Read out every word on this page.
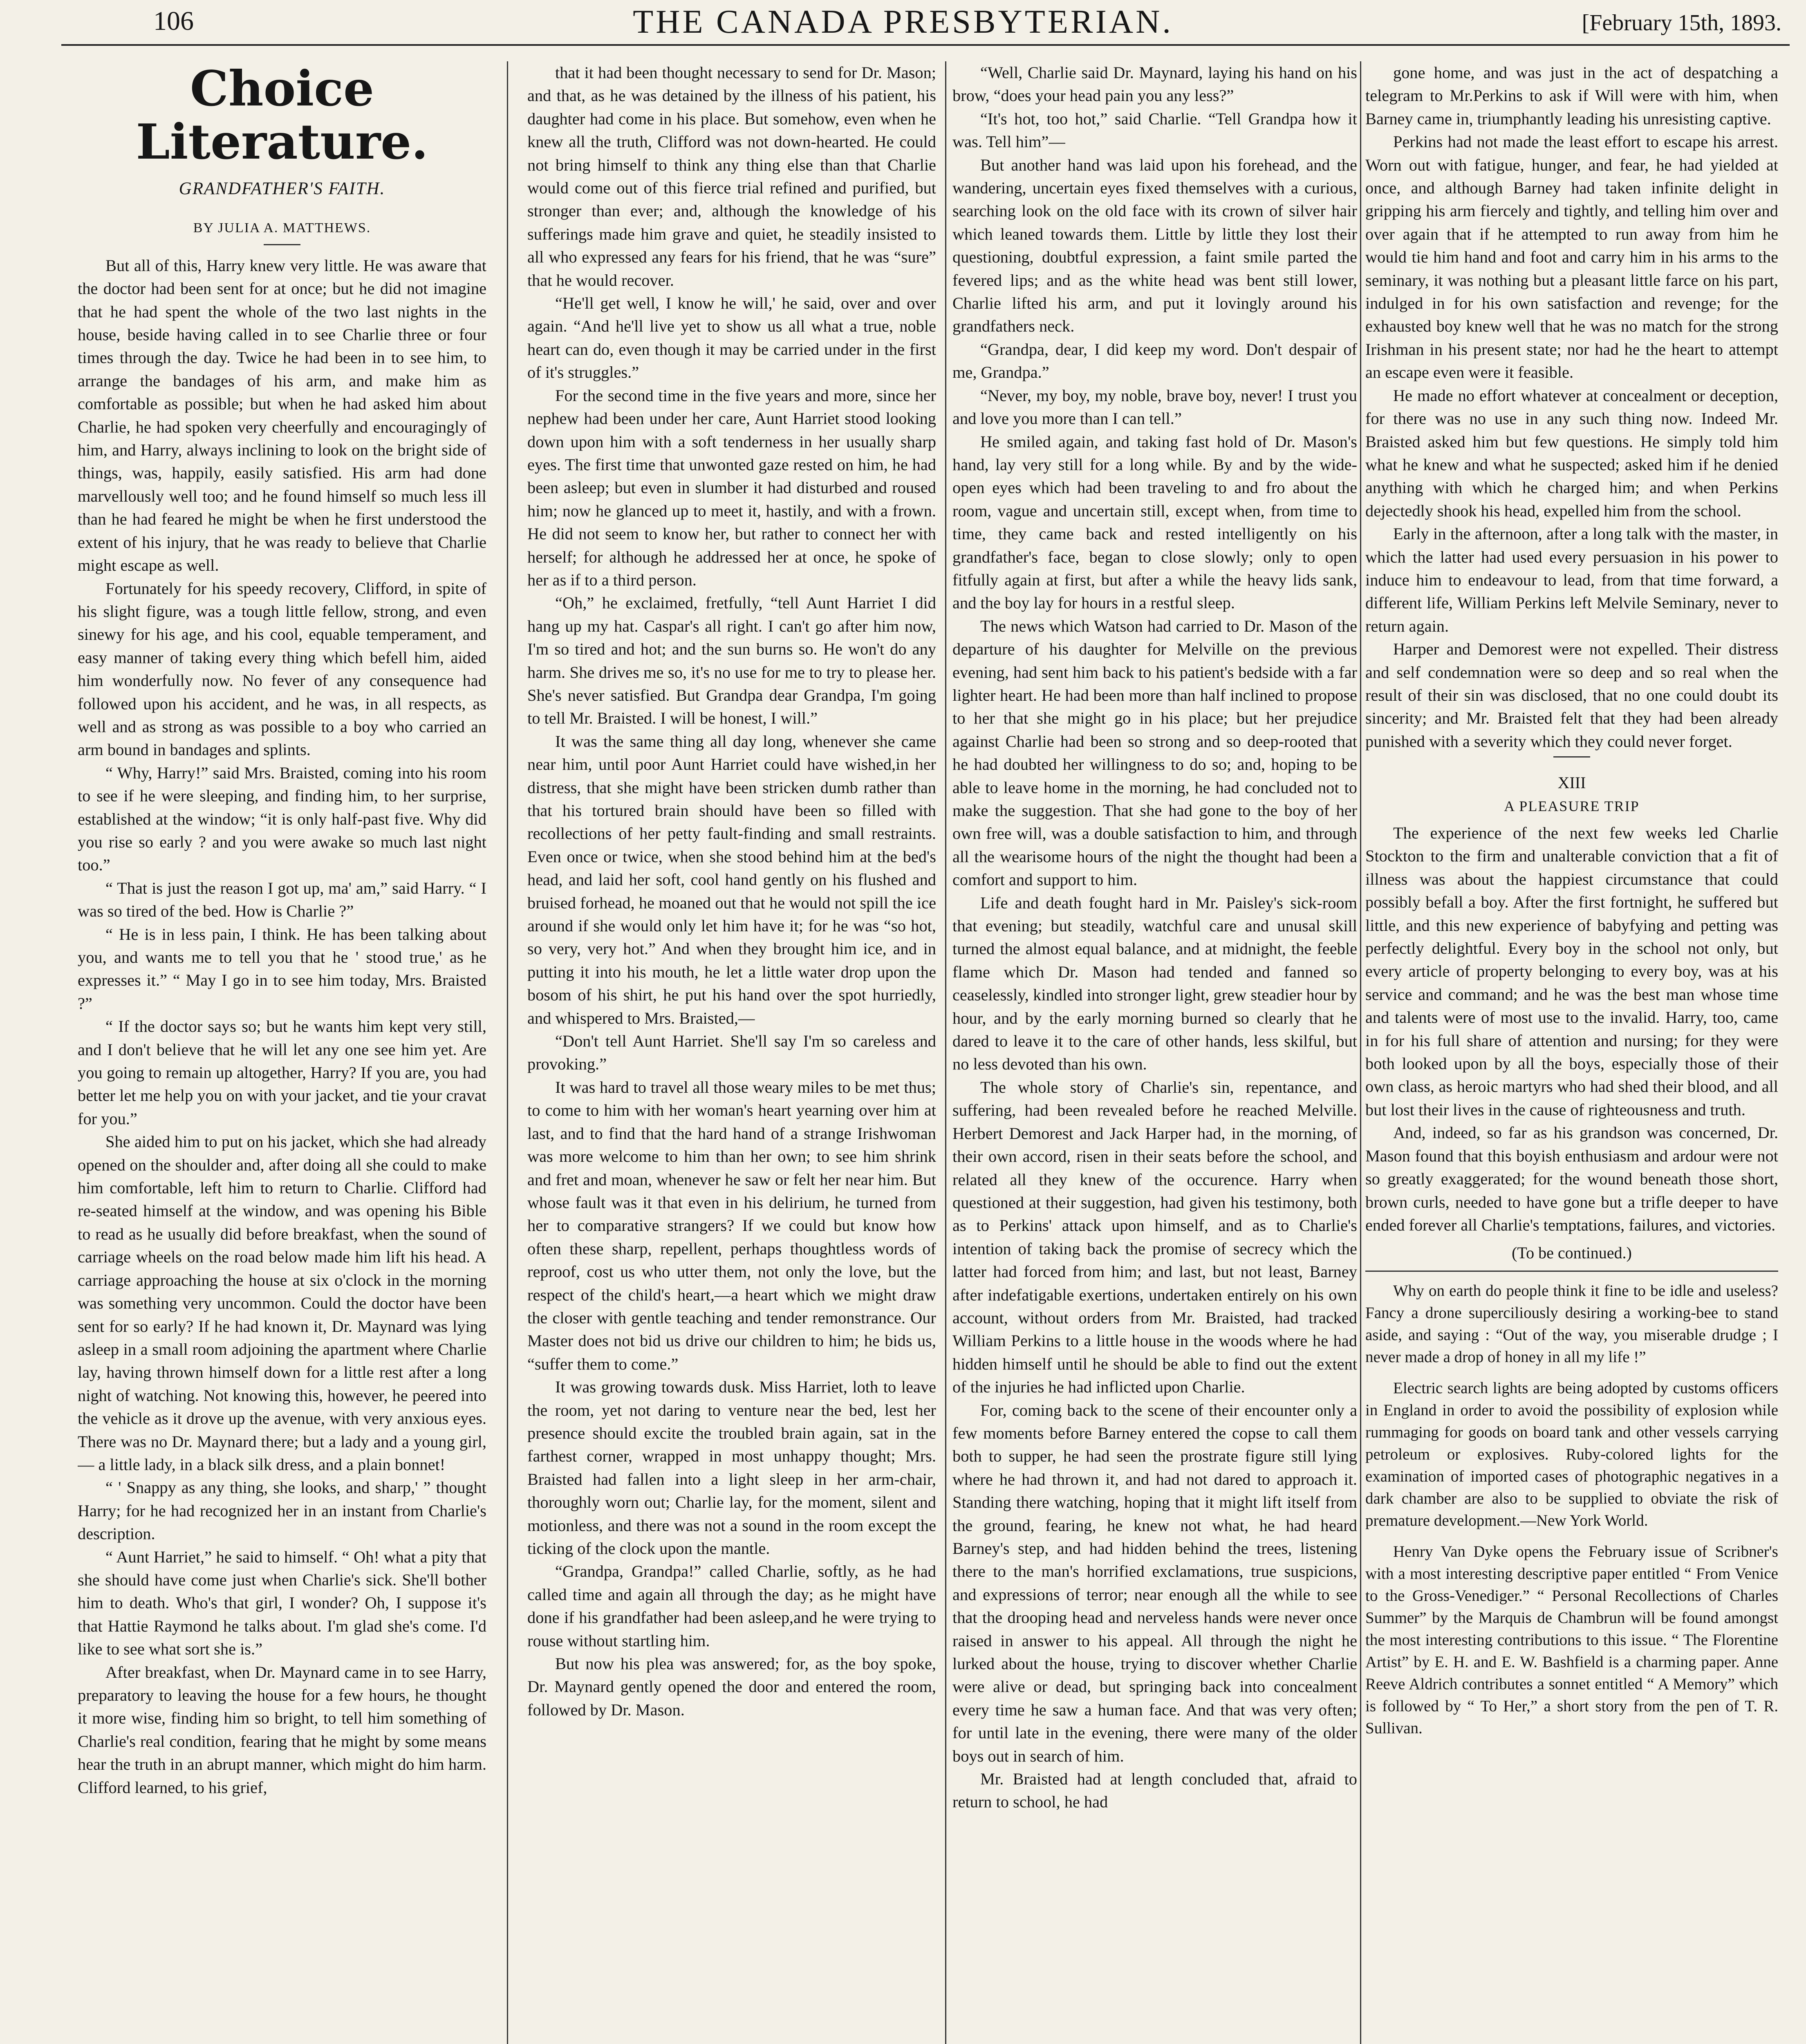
106	THE CANADA PRESBYTERIAN.	[February 15th, 1893.
Choice Literature.
GRANDFATHER'S FAITH.
BY JULIA A. MATTHEWS.

But all of this, Harry knew very little. He was aware that the doctor had been sent for at once; but he did not imagine that he had spent the whole of the two last nights in the house, beside having called in to see Charlie three or four times through the day. Twice he had been in to see him, to arrange the bandages of his arm, and make him as comfortable as possible; but when he had asked him about Charlie, he had spoken very cheerfully and encouragingly of him, and Harry, always inclining to look on the bright side of things, was, happily, easily satisfied. His arm had done marvellously well too; and he found himself so much less ill than he had feared he might be when he first understood the extent of his injury, that he was ready to believe that Charlie might escape as well.

Fortunately for his speedy recovery, Clifford, in spite of his slight figure, was a tough little fellow, strong, and even sinewy for his age, and his cool, equable temperament, and easy manner of taking every thing which befell him, aided him wonderfully now. No fever of any consequence had followed upon his accident, and he was, in all respects, as well and as strong as was possible to a boy who carried an arm bound in bandages and splints.

“ Why, Harry!” said Mrs. Braisted, coming into his room to see if he were sleeping, and finding him, to her surprise, established at the window; “it is only half-past five. Why did you rise so early ? and you were awake so much last night too.”

“ That is just the reason I got up, ma' am,” said Harry. “ I was so tired of the bed. How is Charlie ?”

“ He is in less pain, I think. He has been talking about you, and wants me to tell you that he ' stood true,' as he expresses it.” “ May I go in to see him today, Mrs. Braisted ?”

“ If the doctor says so; but he wants him kept very still, and I don't believe that he will let any one see him yet. Are you going to remain up altogether, Harry? If you are, you had better let me help you on with your jacket, and tie your cravat for you.”

She aided him to put on his jacket, which she had already opened on the shoulder and, after doing all she could to make him comfortable, left him to return to Charlie. Clifford had re-seated himself at the window, and was opening his Bible to read as he usually did before breakfast, when the sound of carriage wheels on the road below made him lift his head. A carriage approaching the house at six o'clock in the morning was something very uncommon. Could the doctor have been sent for so early? If he had known it, Dr. Maynard was lying asleep in a small room adjoining the apartment where Charlie lay, having thrown himself down for a little rest after a long night of watching. Not knowing this, however, he peered into the vehicle as it drove up the avenue, with very anxious eyes. There was no Dr. Maynard there; but a lady and a young girl,— a little lady, in a black silk dress, and a plain bonnet!

“ ' Snappy as any thing, she looks, and sharp,' ” thought Harry; for he had recognized her in an instant from Charlie's description.

“ Aunt Harriet,” he said to himself. “ Oh! what a pity that she should have come just when Charlie's sick. She'll bother him to death. Who's that girl, I wonder? Oh, I suppose it's that Hattie Raymond he talks about. I'm glad she's come. I'd like to see what sort she is.”

After breakfast, when Dr. Maynard came in to see Harry, preparatory to leaving the house for a few hours, he thought it more wise, finding him so bright, to tell him something of Charlie's real condition, fearing that he might by some means hear the truth in an abrupt manner, which might do him harm. Clifford learned, to his grief,

that it had been thought necessary to send for Dr. Mason; and that, as he was detained by the illness of his patient, his daughter had come in his place. But somehow, even when he knew all the truth, Clifford was not down-hearted. He could not bring himself to think any thing else than that Charlie would come out of this fierce trial refined and purified, but stronger than ever; and, although the knowledge of his sufferings made him grave and quiet, he steadily insisted to all who expressed any fears for his friend, that he was “sure” that he would recover.

“He'll get well, I know he will,' he said, over and over again. “And he'll live yet to show us all what a true, noble heart can do, even though it may be carried under in the first of it's struggles.”

For the second time in the five years and more, since her nephew had been under her care, Aunt Harriet stood looking down upon him with a soft tenderness in her usually sharp eyes. The first time that unwonted gaze rested on him, he had been asleep; but even in slumber it had disturbed and roused him; now he glanced up to meet it, hastily, and with a frown. He did not seem to know her, but rather to connect her with herself; for although he addressed her at once, he spoke of her as if to a third person.

“Oh,” he exclaimed, fretfully, “tell Aunt Harriet I did hang up my hat. Caspar's all right. I can't go after him now, I'm so tired and hot; and the sun burns so. He won't do any harm. She drives me so, it's no use for me to try to please her. She's never satisfied. But Grandpa dear Grandpa, I'm going to tell Mr. Braisted. I will be honest, I will.”

It was the same thing all day long, whenever she came near him, until poor Aunt Harriet could have wished,in her distress, that she might have been stricken dumb rather than that his tortured brain should have been so filled with recollections of her petty fault-finding and small restraints. Even once or twice, when she stood behind him at the bed's head, and laid her soft, cool hand gently on his flushed and bruised forhead, he moaned out that he would not spill the ice around if she would only let him have it; for he was “so hot, so very, very hot.” And when they brought him ice, and in putting it into his mouth, he let a little water drop upon the bosom of his shirt, he put his hand over the spot hurriedly, and whispered to Mrs. Braisted,—

“Don't tell Aunt Harriet. She'll say I'm so careless and provoking.”

It was hard to travel all those weary miles to be met thus; to come to him with her woman's heart yearning over him at last, and to find that the hard hand of a strange Irishwoman was more welcome to him than her own; to see him shrink and fret and moan, whenever he saw or felt her near him. But whose fault was it that even in his delirium, he turned from her to comparative strangers? If we could but know how often these sharp, repellent, perhaps thoughtless words of reproof, cost us who utter them, not only the love, but the respect of the child's heart,—a heart which we might draw the closer with gentle teaching and tender remonstrance. Our Master does not bid us drive our children to him; he bids us, “suffer them to come.”

It was growing towards dusk. Miss Harriet, loth to leave the room, yet not daring to venture near the bed, lest her presence should excite the troubled brain again, sat in the farthest corner, wrapped in most unhappy thought; Mrs. Braisted had fallen into a light sleep in her arm-chair, thoroughly worn out; Charlie lay, for the moment, silent and motionless, and there was not a sound in the room except the ticking of the clock upon the mantle.

“Grandpa, Grandpa!” called Charlie, softly, as he had called time and again all through the day; as he might have done if his grandfather had been asleep,and he were trying to rouse without startling him.

But now his plea was answered; for, as the boy spoke, Dr. Maynard gently opened the door and entered the room, followed by Dr. Mason.

“Well, Charlie said Dr. Maynard, laying his hand on his brow, “does your head pain you any less?”

“It's hot, too hot,” said Charlie. “Tell Grandpa how it was. Tell him”—

But another hand was laid upon his forehead, and the wandering, uncertain eyes fixed themselves with a curious, searching look on the old face with its crown of silver hair which leaned towards them. Little by little they lost their questioning, doubtful expression, a faint smile parted the fevered lips; and as the white head was bent still lower, Charlie lifted his arm, and put it lovingly around his grandfathers neck.

“Grandpa, dear, I did keep my word. Don't despair of me, Grandpa.”

“Never, my boy, my noble, brave boy, never! I trust you and love you more than I can tell.”

He smiled again, and taking fast hold of Dr. Mason's hand, lay very still for a long while. By and by the wide-open eyes which had been traveling to and fro about the room, vague and uncertain still, except when, from time to time, they came back and rested intelligently on his grandfather's face, began to close slowly; only to open fitfully again at first, but after a while the heavy lids sank, and the boy lay for hours in a restful sleep.

The news which Watson had carried to Dr. Mason of the departure of his daughter for Melville on the previous evening, had sent him back to his patient's bedside with a far lighter heart. He had been more than half inclined to propose to her that she might go in his place; but her prejudice against Charlie had been so strong and so deep-rooted that he had doubted her willingness to do so; and, hoping to be able to leave home in the morning, he had concluded not to make the suggestion. That she had gone to the boy of her own free will, was a double satisfaction to him, and through all the wearisome hours of the night the thought had been a comfort and support to him.

Life and death fought hard in Mr. Paisley's sick-room that evening; but steadily, watchful care and unusal skill turned the almost equal balance, and at midnight, the feeble flame which Dr. Mason had tended and fanned so ceaselessly, kindled into stronger light, grew steadier hour by hour, and by the early morning burned so clearly that he dared to leave it to the care of other hands, less skilful, but no less devoted than his own.

The whole story of Charlie's sin, repentance, and suffering, had been revealed before he reached Melville. Herbert Demorest and Jack Harper had, in the morning, of their own accord, risen in their seats before the school, and related all they knew of the occurence. Harry when questioned at their suggestion, had given his testimony, both as to Perkins' attack upon himself, and as to Charlie's intention of taking back the promise of secrecy which the latter had forced from him; and last, but not least, Barney after indefatigable exertions, undertaken entirely on his own account, without orders from Mr. Braisted, had tracked William Perkins to a little house in the woods where he had hidden himself until he should be able to find out the extent of the injuries he had inflicted upon Charlie.

For, coming back to the scene of their encounter only a few moments before Barney entered the copse to call them both to supper, he had seen the prostrate figure still lying where he had thrown it, and had not dared to approach it. Standing there watching, hoping that it might lift itself from the ground, fearing, he knew not what, he had heard Barney's step, and had hidden behind the trees, listening there to the man's horrified exclamations, true suspicions, and expressions of terror; near enough all the while to see that the drooping head and nerveless hands were never once raised in answer to his appeal. All through the night he lurked about the house, trying to discover whether Charlie were alive or dead, but springing back into concealment every time he saw a human face. And that was very often; for until late in the evening, there were many of the older boys out in search of him.

Mr. Braisted had at length concluded that, afraid to return to school, he had

gone home, and was just in the act of despatching a telegram to Mr.Perkins to ask if Will were with him, when Barney came in, triumphantly leading his unresisting captive.

Perkins had not made the least effort to escape his arrest. Worn out with fatigue, hunger, and fear, he had yielded at once, and although Barney had taken infinite delight in gripping his arm fiercely and tightly, and telling him over and over again that if he attempted to run away from him he would tie him hand and foot and carry him in his arms to the seminary, it was nothing but a pleasant little farce on his part, indulged in for his own satisfaction and revenge; for the exhausted boy knew well that he was no match for the strong Irishman in his present state; nor had he the heart to attempt an escape even were it feasible.

He made no effort whatever at concealment or deception, for there was no use in any such thing now. Indeed Mr. Braisted asked him but few questions. He simply told him what he knew and what he suspected; asked him if he denied anything with which he charged him; and when Perkins dejectedly shook his head, expelled him from the school.

Early in the afternoon, after a long talk with the master, in which the latter had used every persuasion in his power to induce him to endeavour to lead, from that time forward, a different life, William Perkins left Melvile Seminary, never to return again.

Harper and Demorest were not expelled. Their distress and self condemnation were so deep and so real when the result of their sin was disclosed, that no one could doubt its sincerity; and Mr. Braisted felt that they had been already punished with a severity which they could never forget.

XIII
A PLEASURE TRIP

The experience of the next few weeks led Charlie Stockton to the firm and unalterable conviction that a fit of illness was about the happiest circumstance that could possibly befall a boy. After the first fortnight, he suffered but little, and this new experience of babyfying and petting was perfectly delightful. Every boy in the school not only, but every article of property belonging to every boy, was at his service and command; and he was the best man whose time and talents were of most use to the invalid. Harry, too, came in for his full share of attention and nursing; for they were both looked upon by all the boys, especially those of their own class, as heroic martyrs who had shed their blood, and all but lost their lives in the cause of righteousness and truth.

And, indeed, so far as his grandson was concerned, Dr. Mason found that this boyish enthusiasm and ardour were not so greatly exaggerated; for the wound beneath those short, brown curls, needed to have gone but a trifle deeper to have ended forever all Charlie's temptations, failures, and victories.

(To be continued.)

Why on earth do people think it fine to be idle and useless? Fancy a drone superciliously desiring a working-bee to stand aside, and saying : “Out of the way, you miserable drudge ; I never made a drop of honey in all my life !”

Electric search lights are being adopted by customs officers in England in order to avoid the possibility of explosion while rummaging for goods on board tank and other vessels carrying petroleum or explosives. Ruby-colored lights for the examination of imported cases of photographic negatives in a dark chamber are also to be supplied to obviate the risk of premature development.—New York World.

Henry Van Dyke opens the February issue of Scribner's with a most interesting descriptive paper entitled “ From Venice to the Gross-Venediger.” “ Personal Recollections of Charles Summer” by the Marquis de Chambrun will be found amongst the most interesting contributions to this issue. “ The Florentine Artist” by E. H. and E. W. Bashfield is a charming paper. Anne Reeve Aldrich contributes a sonnet entitled “ A Memory” which is followed by “ To Her,” a short story from the pen of T. R. Sullivan.
